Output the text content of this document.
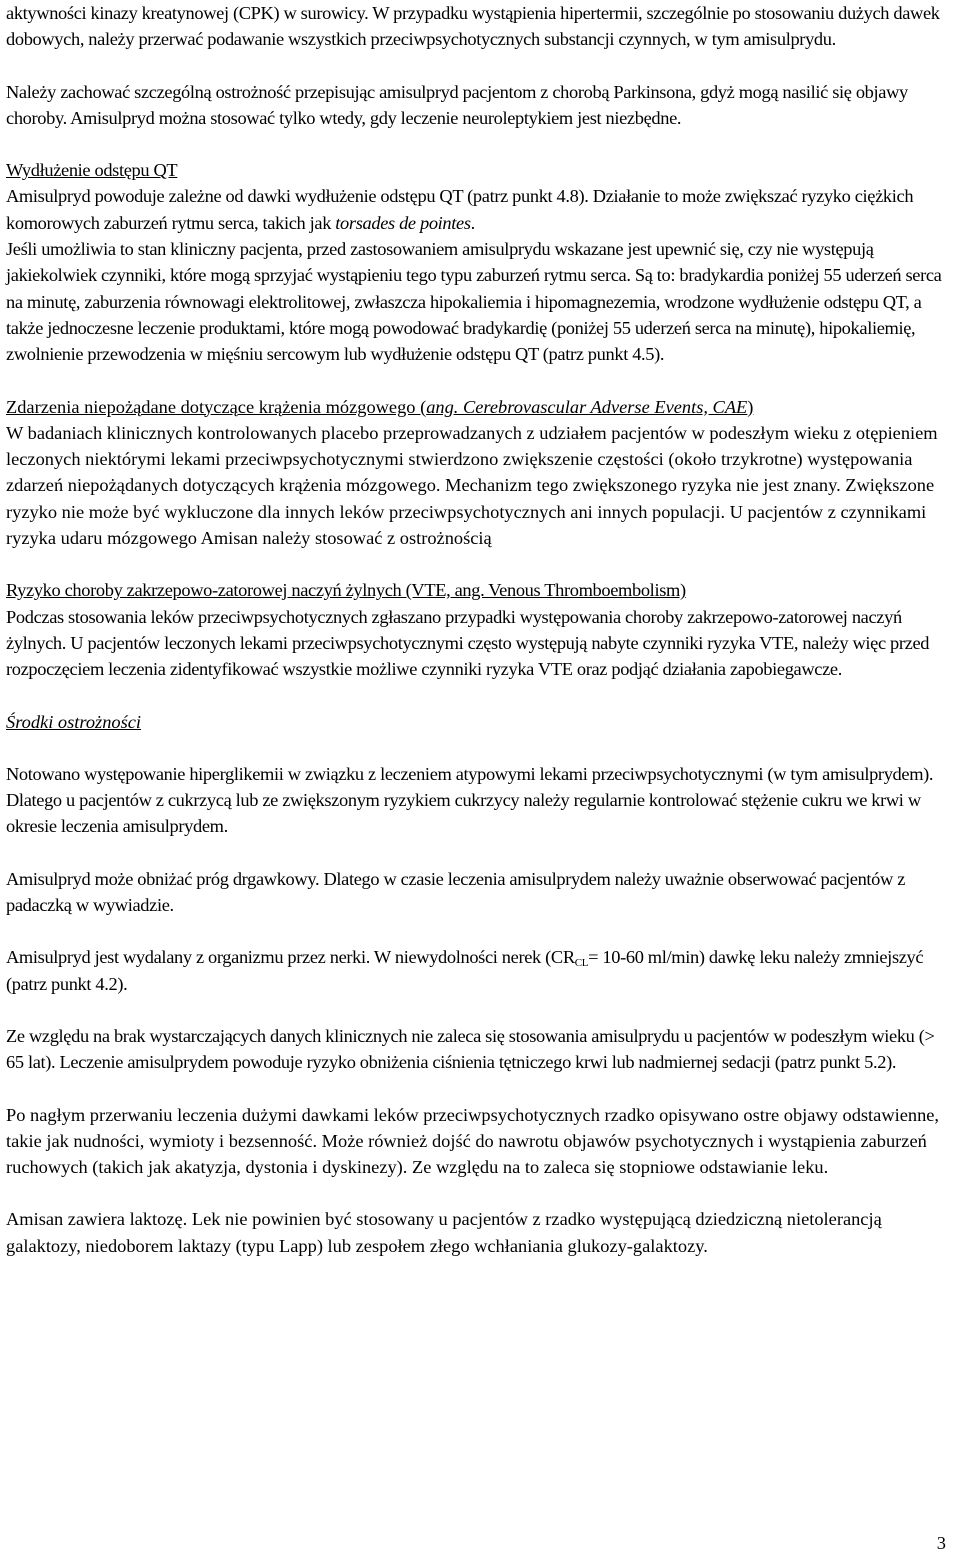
aktywności kinazy kreatynowej (CPK) w surowicy. W przypadku wystąpienia hipertermii, szczególnie po stosowaniu dużych dawek dobowych, należy przerwać podawanie wszystkich przeciwpsychotycznych substancji czynnych, w tym amisulprydu.

Należy zachować szczególną ostrożność przepisując amisulpryd pacjentom z chorobą Parkinsona, gdyż mogą nasilić się objawy choroby. Amisulpryd można stosować tylko wtedy, gdy leczenie neuroleptykiem jest niezbędne.

Wydłużenie odstępu QT

Amisulpryd powoduje zależne od dawki wydłużenie odstępu QT (patrz punkt 4.8). Działanie to może zwiększać ryzyko ciężkich komorowych zaburzeń rytmu serca, takich jak torsades de pointes.

Jeśli umożliwia to stan kliniczny pacjenta, przed zastosowaniem amisulprydu wskazane jest upewnić się, czy nie występują jakiekolwiek czynniki, które mogą sprzyjać wystąpieniu tego typu zaburzeń rytmu serca. Są to: bradykardia poniżej 55 uderzeń serca na minutę, zaburzenia równowagi elektrolitowej, zwłaszcza hipokaliemia i hipomagnezemia, wrodzone wydłużenie odstępu QT, a także jednoczesne leczenie produktami, które mogą powodować bradykardię (poniżej 55 uderzeń serca na minutę), hipokaliemię, zwolnienie przewodzenia w mięśniu sercowym lub wydłużenie odstępu QT (patrz punkt 4.5).

Zdarzenia niepożądane dotyczące krążenia mózgowego (ang. Cerebrovascular Adverse Events, CAE)

W badaniach klinicznych kontrolowanych placebo przeprowadzanych z udziałem pacjentów w podeszłym wieku z otępieniem leczonych niektórymi lekami przeciwpsychotycznymi stwierdzono zwiększenie częstości (około trzykrotne) występowania zdarzeń niepożądanych dotyczących krążenia mózgowego. Mechanizm tego zwiększonego ryzyka nie jest znany. Zwiększone ryzyko nie może być wykluczone dla innych leków przeciwpsychotycznych ani innych populacji. U pacjentów z czynnikami ryzyka udaru mózgowego Amisan należy stosować z ostrożnością

Ryzyko choroby zakrzepowo-zatorowej naczyń żylnych (VTE, ang. Venous Thromboembolism)

Podczas stosowania leków przeciwpsychotycznych zgłaszano przypadki występowania choroby zakrzepowo-zatorowej naczyń żylnych. U pacjentów leczonych lekami przeciwpsychotycznymi często występują nabyte czynniki ryzyka VTE, należy więc przed rozpoczęciem leczenia zidentyfikować wszystkie możliwe czynniki ryzyka VTE oraz podjąć działania zapobiegawcze.

Środki ostrożności

Notowano występowanie hiperglikemii w związku z leczeniem atypowymi lekami przeciwpsychotycznymi (w tym amisulprydem). Dlatego u pacjentów z cukrzycą lub ze zwiększonym ryzykiem cukrzycy należy regularnie kontrolować stężenie cukru we krwi w okresie leczenia amisulprydem.

Amisulpryd może obniżać próg drgawkowy. Dlatego w czasie leczenia amisulprydem należy uważnie obserwować pacjentów z padaczką w wywiadzie.

Amisulpryd jest wydalany z organizmu przez nerki. W niewydolności nerek ($CR_{CL}= 10-60$ ml/min) dawkę leku należy zmniejszyć (patrz punkt 4.2).

Ze względu na brak wystarczających danych klinicznych nie zaleca się stosowania amisulprydu u pacjentów w podeszłym wieku (> 65 lat). Leczenie amisulprydem powoduje ryzyko obniżenia ciśnienia tętniczego krwi lub nadmiernej sedacji (patrz punkt 5.2).

Po nagłym przerwaniu leczenia dużymi dawkami leków przeciwpsychotycznych rzadko opisywano ostre objawy odstawienne, takie jak nudności, wymioty i bezsenność. Może również dojść do nawrotu objawów psychotycznych i wystąpienia zaburzeń ruchowych (takich jak akatyzja, dystonia i dyskinezy). Ze względu na to zaleca się stopniowe odstawianie leku.

Amisan zawiera laktozę. Lek nie powinien być stosowany u pacjentów z rzadko występującą dziedziczną nietolerancją galaktozy, niedoborem laktazy (typu Lapp) lub zespołem złego wchłaniania glukozy-galaktozy.

3
